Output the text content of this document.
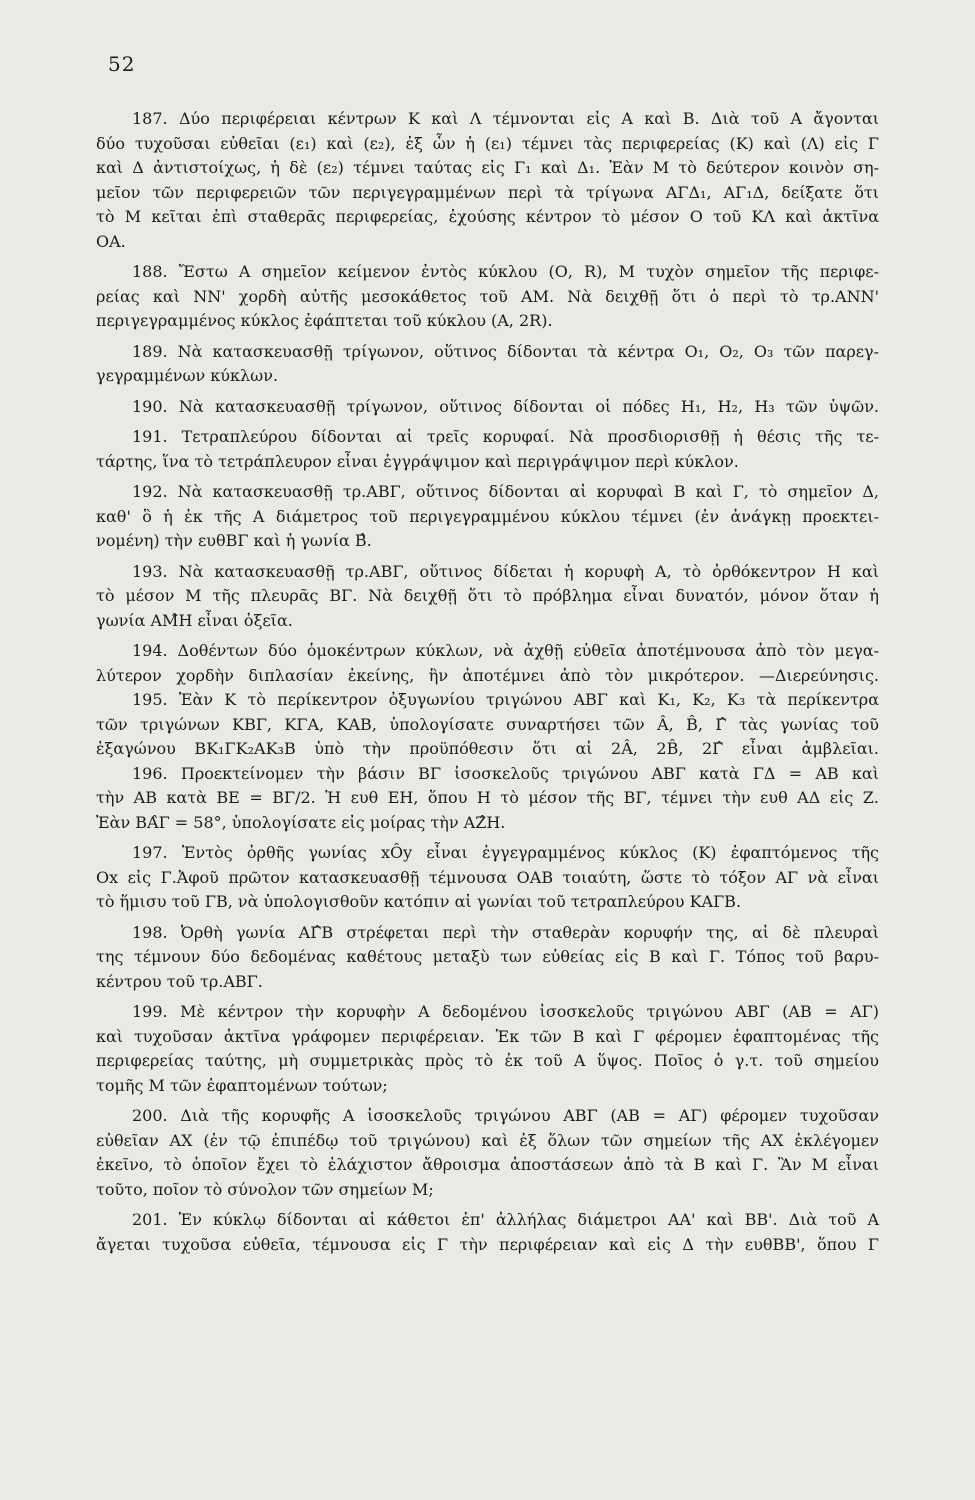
52
187. Δύο περιφέρειαι κέντρων Κ καὶ Λ τέμνονται εἰς Α καὶ Β. Διὰ τοῦ Α ἄγονται
δύο τυχοῦσαι εὐθεῖαι (ε₁) καὶ (ε₂), ἐξ ὧν ἡ (ε₁) τέμνει τὰς περιφερείας (Κ) καὶ (Λ) εἰς Γ
καὶ Δ ἀντιστοίχως, ἡ δὲ (ε₂) τέμνει ταύτας εἰς Γ₁ καὶ Δ₁. Ἐὰν Μ τὸ δεύτερον κοινὸν ση-
μεῖον τῶν περιφερειῶν τῶν περιγεγραμμένων περὶ τὰ τρίγωνα ΑΓΔ₁, ΑΓ₁Δ, δείξατε ὅτι
τὸ Μ κεῖται ἐπὶ σταθερᾶς περιφερείας, ἐχούσης κέντρον τὸ μέσον Ο τοῦ ΚΛ καὶ ἀκτῖνα
ΟΑ.
188. Ἔστω Α σημεῖον κείμενον ἐντὸς κύκλου (Ο, R), Μ τυχὸν σημεῖον τῆς περιφε-
ρείας καὶ ΝΝ' χορδὴ αὐτῆς μεσοκάθετος τοῦ ΑΜ. Νὰ δειχθῇ ὅτι ὁ περὶ τὸ τρ.ΑΝΝ'
περιγεγραμμένος κύκλος ἐφάπτεται τοῦ κύκλου (Α, 2R).
189. Νὰ κατασκευασθῇ τρίγωνον, οὕτινος δίδονται τὰ κέντρα Ο₁, Ο₂, Ο₃ τῶν παρεγ-
γεγραμμένων κύκλων.
190. Νὰ κατασκευασθῇ τρίγωνον, οὕτινος δίδονται οἱ πόδες Η₁, Η₂, Η₃ τῶν ὑψῶν.
191. Τετραπλεύρου δίδονται αἱ τρεῖς κορυφαί. Νὰ προσδιορισθῇ ἡ θέσις τῆς τε-
τάρτης, ἵνα τὸ τετράπλευρον εἶναι ἐγγράψιμον καὶ περιγράψιμον περὶ κύκλον.
192. Νὰ κατασκευασθῇ τρ.ΑΒΓ, οὕτινος δίδονται αἱ κορυφαὶ Β καὶ Γ, τὸ σημεῖον Δ,
καθ' ὃ ἡ ἐκ τῆς Α διάμετρος τοῦ περιγεγραμμένου κύκλου τέμνει (ἐν ἀνάγκῃ προεκτει-
νομένη) τὴν ευθΒΓ καὶ ἡ γωνία Β̂.
193. Νὰ κατασκευασθῇ τρ.ΑΒΓ, οὕτινος δίδεται ἡ κορυφὴ Α, τὸ ὀρθόκεντρον Η καὶ
τὸ μέσον Μ τῆς πλευρᾶς ΒΓ. Νὰ δειχθῇ ὅτι τὸ πρόβλημα εἶναι δυνατόν, μόνον ὅταν ἡ
γωνία ΑΜ̂Η εἶναι ὀξεῖα.
194. Δοθέντων δύο ὁμοκέντρων κύκλων, νὰ ἀχθῇ εὐθεῖα ἀποτέμνουσα ἀπὸ τὸν μεγα-
λύτερον χορδὴν διπλασίαν ἐκείνης, ἣν ἀποτέμνει ἀπὸ τὸν μικρότερον. —Διερεύνησις.
195. Ἐὰν Κ τὸ περίκεντρον ὀξυγωνίου τριγώνου ΑΒΓ καὶ Κ₁, Κ₂, Κ₃ τὰ περίκεντρα
τῶν τριγώνων ΚΒΓ, ΚΓΑ, ΚΑΒ, ὑπολογίσατε συναρτήσει τῶν Â, B̂, Γ̂ τὰς γωνίας τοῦ
ἑξαγώνου ΒΚ₁ΓΚ₂ΑΚ₃Β ὑπὸ τὴν προϋπόθεσιν ὅτι αἱ 2Â, 2B̂, 2Γ̂ εἶναι ἀμβλεῖαι.
196. Προεκτείνομεν τὴν βάσιν ΒΓ ἰσοσκελοῦς τριγώνου ΑΒΓ κατὰ ΓΔ = ΑΒ καὶ
τὴν ΑΒ κατὰ ΒΕ = ΒΓ/2. Ἡ ευθ ΕΗ, ὅπου Η τὸ μέσον τῆς ΒΓ, τέμνει τὴν ευθ ΑΔ εἰς Ζ.
Ἐὰν ΒΑ̂Γ = 58°, ὑπολογίσατε εἰς μοίρας τὴν ΑΖ̂Η.
197. Ἐντὸς ὀρθῆς γωνίας xÔy εἶναι ἐγγεγραμμένος κύκλος (Κ) ἐφαπτόμενος τῆς
Οx εἰς Γ.Ἀφοῦ πρῶτον κατασκευασθῇ τέμνουσα ΟΑΒ τοιαύτη, ὥστε τὸ τόξον ΑΓ νὰ εἶναι
τὸ ἥμισυ τοῦ ΓΒ, νὰ ὑπολογισθοῦν κατόπιν αἱ γωνίαι τοῦ τετραπλεύρου ΚΑΓΒ.
198. Ὀρθὴ γωνία ΑΓ̂Β στρέφεται περὶ τὴν σταθερὰν κορυφήν της, αἱ δὲ πλευραὶ
της τέμνουν δύο δεδομένας καθέτους μεταξὺ των εὐθείας εἰς Β καὶ Γ. Τόπος τοῦ βαρυ-
κέντρου τοῦ τρ.ΑΒΓ.
199. Μὲ κέντρον τὴν κορυφὴν Α δεδομένου ἰσοσκελοῦς τριγώνου ΑΒΓ (ΑΒ = ΑΓ)
καὶ τυχοῦσαν ἀκτῖνα γράφομεν περιφέρειαν. Ἐκ τῶν Β καὶ Γ φέρομεν ἐφαπτομένας τῆς
περιφερείας ταύτης, μὴ συμμετρικὰς πρὸς τὸ ἐκ τοῦ Α ὕψος. Ποῖος ὁ γ.τ. τοῦ σημείου
τομῆς Μ τῶν ἐφαπτομένων τούτων;
200. Διὰ τῆς κορυφῆς Α ἰσοσκελοῦς τριγώνου ΑΒΓ (ΑΒ = ΑΓ) φέρομεν τυχοῦσαν
εὐθεῖαν ΑΧ (ἐν τῷ ἐπιπέδῳ τοῦ τριγώνου) καὶ ἐξ ὅλων τῶν σημείων τῆς ΑΧ ἐκλέγομεν
ἐκεῖνο, τὸ ὁποῖον ἔχει τὸ ἐλάχιστον ἄθροισμα ἀποστάσεων ἀπὸ τὰ Β καὶ Γ. Ἂν Μ εἶναι
τοῦτο, ποῖον τὸ σύνολον τῶν σημείων Μ;
201. Ἐν κύκλῳ δίδονται αἱ κάθετοι ἐπ' ἀλλήλας διάμετροι ΑΑ' καὶ ΒΒ'. Διὰ τοῦ Α
ἄγεται τυχοῦσα εὐθεῖα, τέμνουσα εἰς Γ τὴν περιφέρειαν καὶ εἰς Δ τὴν ευθΒΒ', ὅπου Γ
